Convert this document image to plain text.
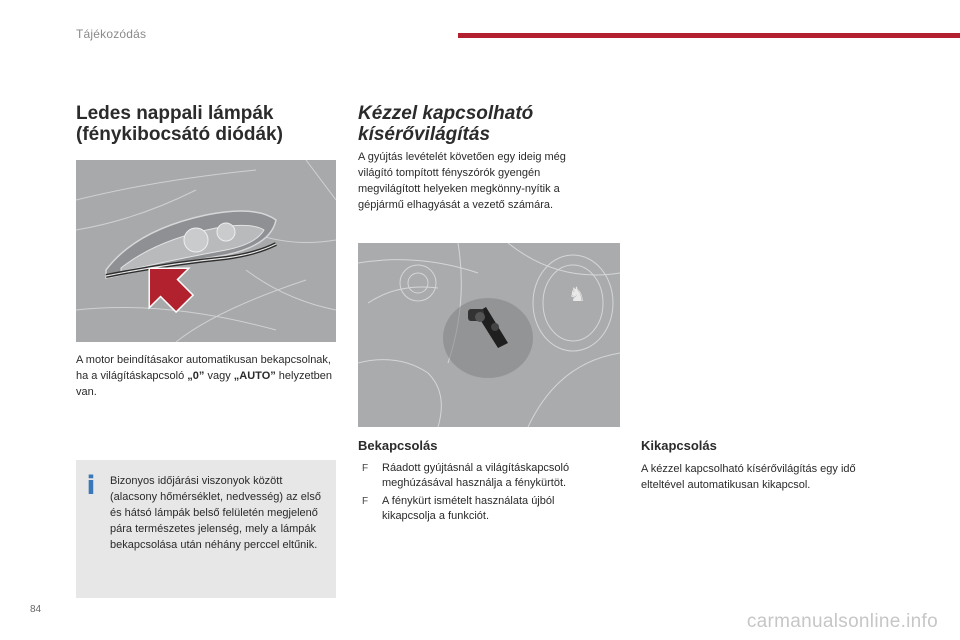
Tájékozódás
Ledes nappali lámpák (fénykibocsátó diódák)
A motor beindításakor automatikusan bekapcsolnak, ha a világításkapcsoló „0” vagy „AUTO” helyzetben van.
i Bizonyos időjárási viszonyok között (alacsony hőmérséklet, nedvesség) az első és hátsó lámpák belső felületén megjelenő pára természetes jelenség, mely a lámpák bekapcsolása után néhány perccel eltűnik.
Kézzel kapcsolható kísérővilágítás
A gyújtás levételét követően egy ideig még világító tompított fényszórók gyengén megvilágított helyeken megkönny-nyítik a gépjármű elhagyását a vezető számára.
♞
Bekapcsolás
F Ráadott gyújtásnál a világításkapcsoló meghúzásával használja a fénykürtöt.
F A fénykürt ismételt használata újból kikapcsolja a funkciót.
Kikapcsolás
A kézzel kapcsolható kísérővilágítás egy idő elteltével automatikusan kikapcsol.
84
carmanualsonline.info
